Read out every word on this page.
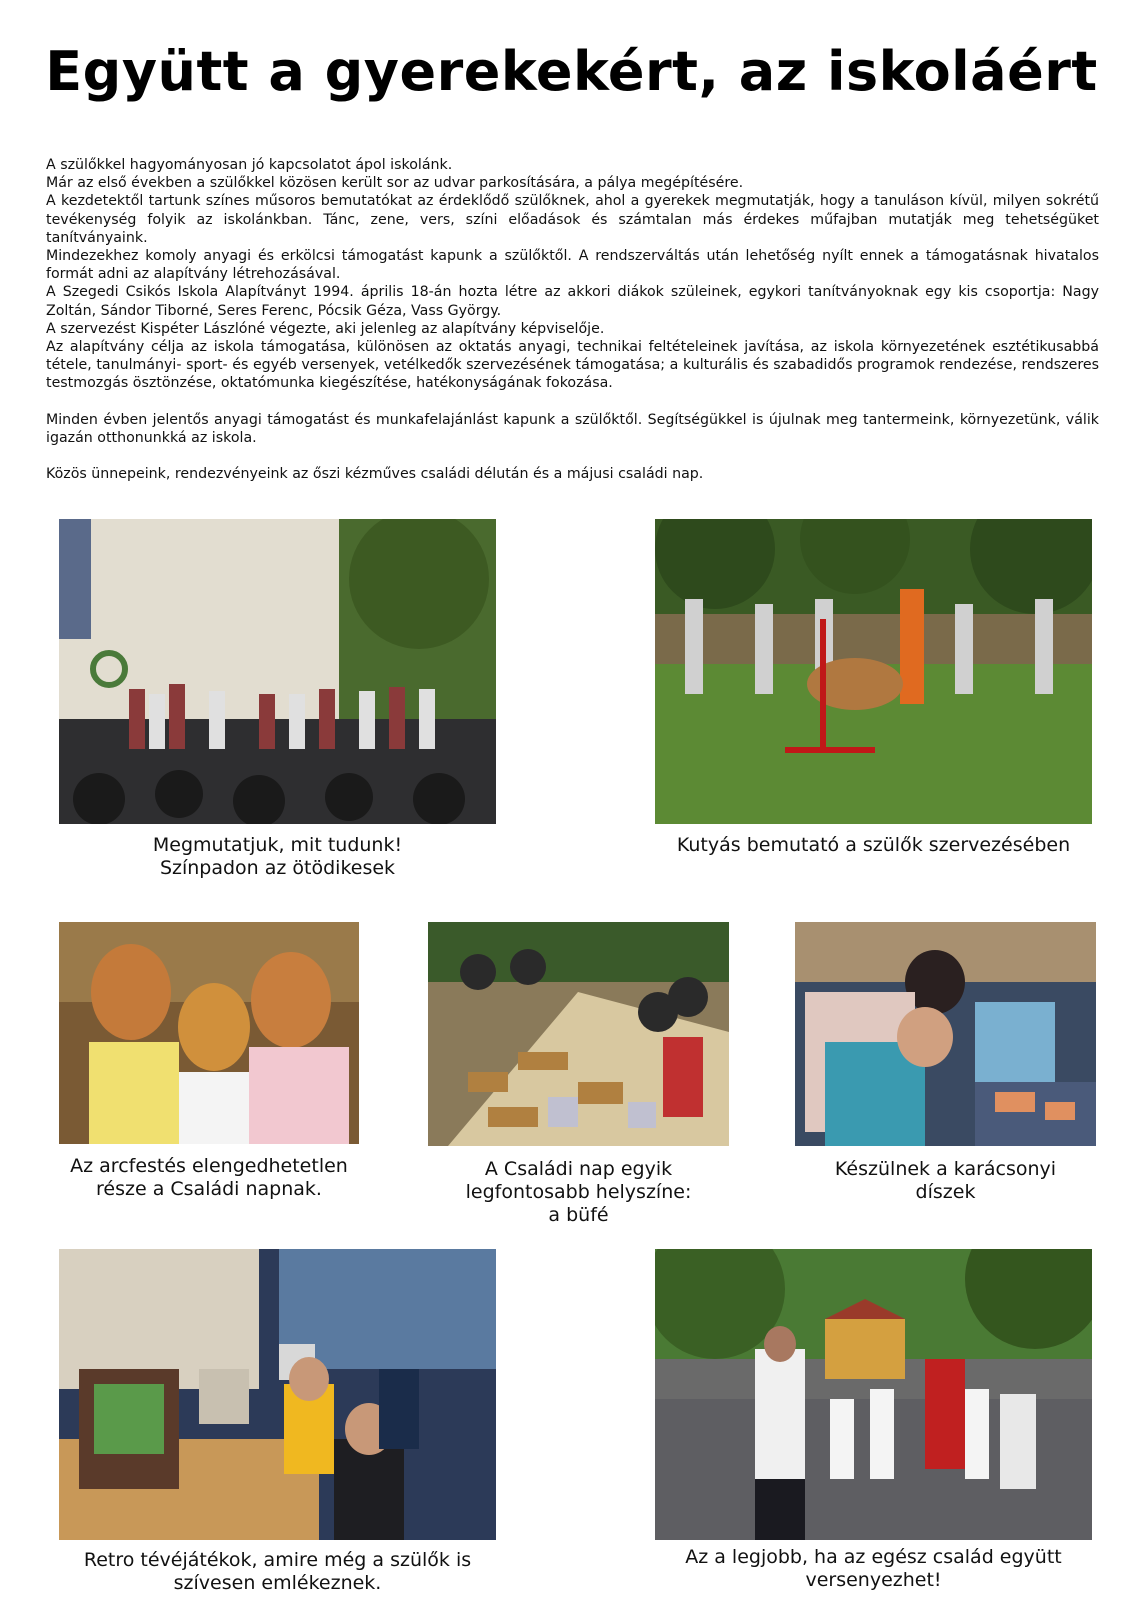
Együtt a gyerekekért, az iskoláért

A szülőkkel hagyományosan jó kapcsolatot ápol iskolánk.

Már az első években a szülőkkel közösen került sor az udvar parkosítására, a pálya megépítésére.

A kezdetektől tartunk színes műsoros bemutatókat az érdeklődő szülőknek, ahol a gyerekek megmutatják, hogy a tanuláson kívül, milyen sokrétű tevékenység folyik az iskolánkban. Tánc, zene, vers, színi előadások és számtalan más érdekes műfajban mutatják meg tehetségüket tanítványaink.

Mindezekhez komoly anyagi és erkölcsi támogatást kapunk a szülőktől. A rendszerváltás után lehetőség nyílt ennek a támogatásnak hivatalos formát adni az alapítvány létrehozásával.

A Szegedi Csikós Iskola Alapítványt 1994. április 18-án hozta létre az akkori diákok szüleinek, egykori tanítványoknak egy kis csoportja: Nagy Zoltán, Sándor Tiborné, Seres Ferenc, Pócsik Géza, Vass György.

A szervezést Kispéter Lászlóné végezte, aki jelenleg az alapítvány képviselője.

Az alapítvány célja az iskola támogatása, különösen az oktatás anyagi, technikai feltételeinek javítása, az iskola környezetének esztétikusabbá tétele, tanulmányi- sport- és egyéb versenyek, vetélkedők szervezésének támogatása; a kulturális és szabadidős programok rendezése, rendszeres testmozgás ösztönzése, oktatómunka kiegészítése, hatékonyságának fokozása.

Minden évben jelentős anyagi támogatást és munkafelajánlást kapunk a szülőktől. Segítségükkel is újulnak meg tantermeink, környezetünk, válik igazán otthonunkká az iskola.

Közös ünnepeink, rendezvényeink az őszi kézműves családi délután és a májusi családi nap.

Megmutatjuk, mit tudunk!
Színpadon az ötödikesek
Kutyás bemutató a szülők szervezésében
Az arcfestés elengedhetetlen
része a Családi napnak.
A Családi nap egyik
legfontosabb helyszíne:
a büfé
Készülnek a karácsonyi
díszek
Retro tévéjátékok, amire még a szülők is
szívesen emlékeznek.
Az a legjobb, ha az egész család együtt
versenyezhet!
